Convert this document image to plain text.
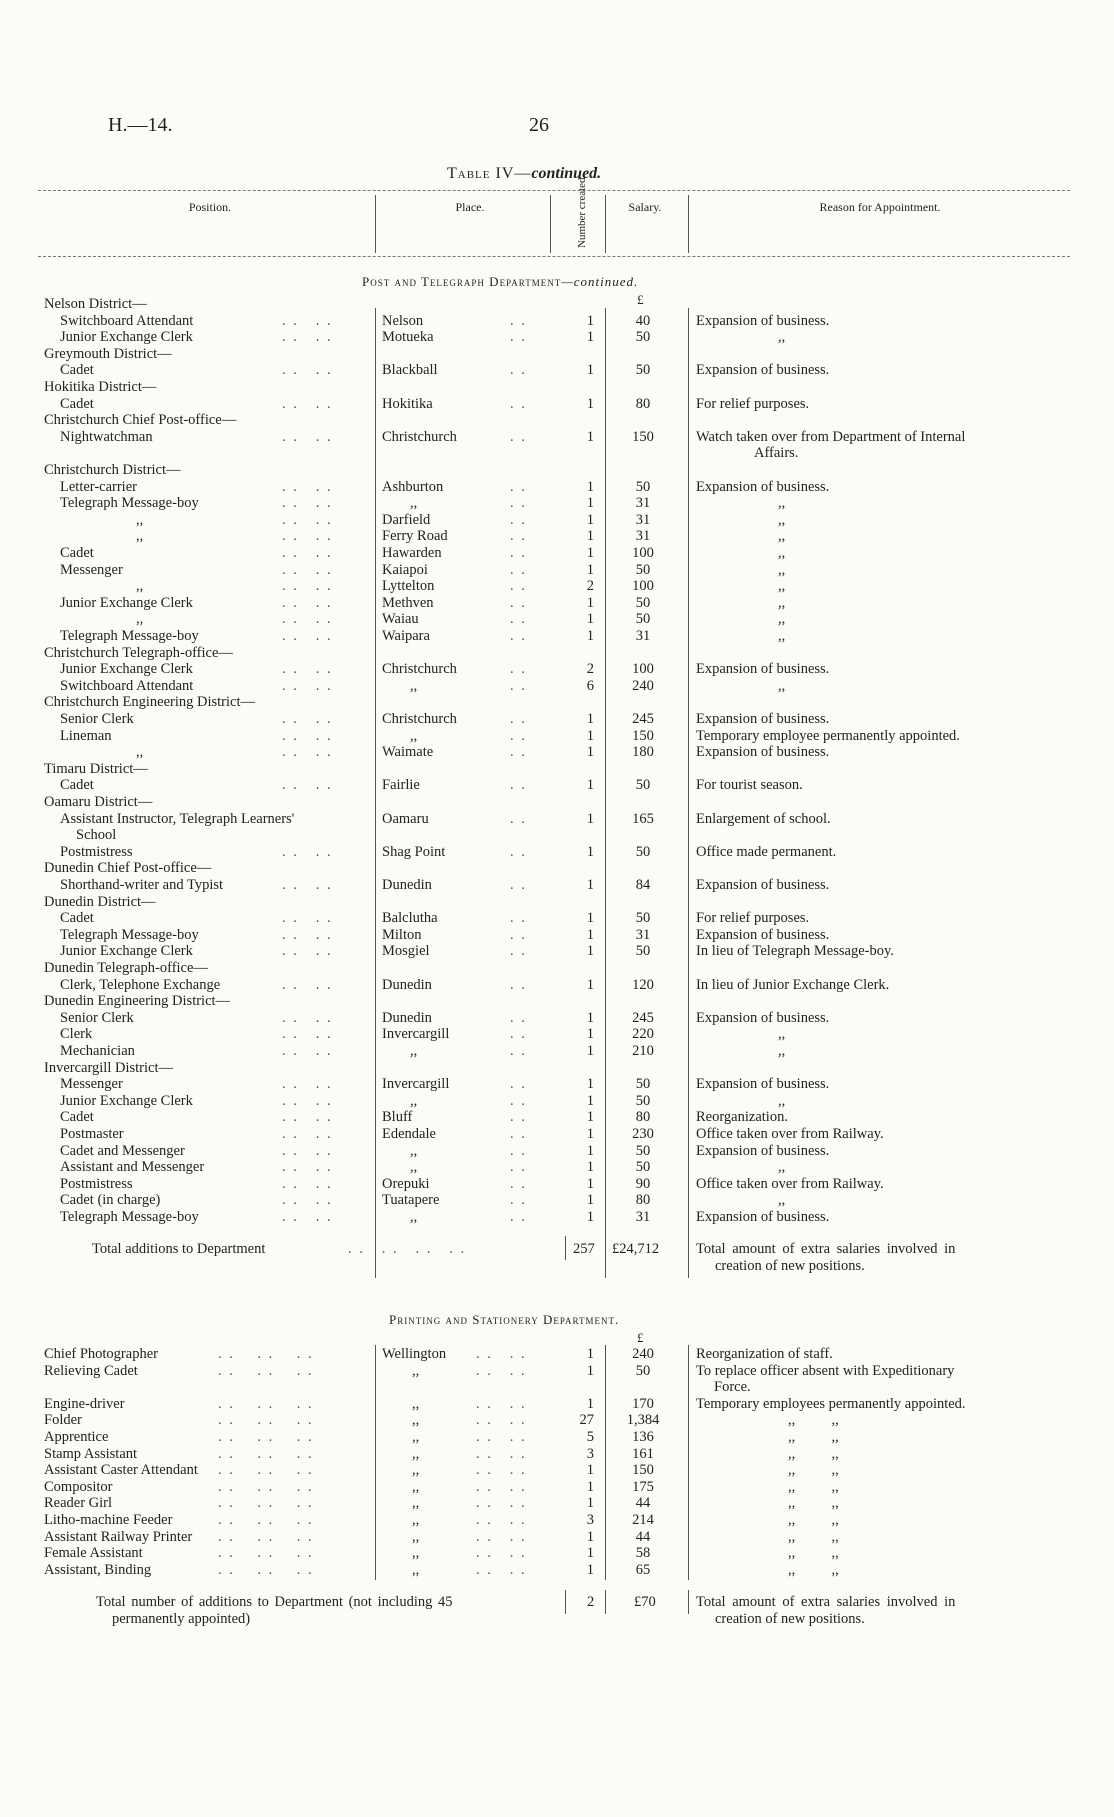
H.—14.	26
Table IV—continued.
Position.	Place.	Number created.	Salary.	Reason for Appointment.
Post and Telegraph Department—continued.
£
Nelson District—
Switchboard Attendant	. .   . .	Nelson	. .	1	40	Expansion of business.
Junior Exchange Clerk	. .   . .	Motueka	. .	1	50	,,
Greymouth District—
Cadet	. .   . .	Blackball	. .	1	50	Expansion of business.
Hokitika District—
Cadet	. .   . .	Hokitika	. .	1	80	For relief purposes.
Christchurch Chief Post-office—
Nightwatchman	. .   . .	Christchurch	. .	1	150	Watch taken over from Department of Internal
Affairs.
Christchurch District—
Letter-carrier	. .   . .	Ashburton	. .	1	50	Expansion of business.
Telegraph Message-boy	. .   . .	,,	. .	1	31	,,
,,	. .   . .	Darfield	. .	1	31	,,
,,	. .   . .	Ferry Road	. .	1	31	,,
Cadet	. .   . .	Hawarden	. .	1	100	,,
Messenger	. .   . .	Kaiapoi	. .	1	50	,,
,,	. .   . .	Lyttelton	. .	2	100	,,
Junior Exchange Clerk	. .   . .	Methven	. .	1	50	,,
,,	. .   . .	Waiau	. .	1	50	,,
Telegraph Message-boy	. .   . .	Waipara	. .	1	31	,,
Christchurch Telegraph-office—
Junior Exchange Clerk	. .   . .	Christchurch	. .	2	100	Expansion of business.
Switchboard Attendant	. .   . .	,,	. .	6	240	,,
Christchurch Engineering District—
Senior Clerk	. .   . .	Christchurch	. .	1	245	Expansion of business.
Lineman	. .   . .	,,	. .	1	150	Temporary employee permanently appointed.
,,	. .   . .	Waimate	. .	1	180	Expansion of business.
Timaru District—
Cadet	. .   . .	Fairlie	. .	1	50	For tourist season.
Oamaru District—
Assistant Instructor, Telegraph Learners'	Oamaru	. .	1	165	Enlargement of school.
School
Postmistress	. .   . .	Shag Point	. .	1	50	Office made permanent.
Dunedin Chief Post-office—
Shorthand-writer and Typist	. .   . .	Dunedin	. .	1	84	Expansion of business.
Dunedin District—
Cadet	. .   . .	Balclutha	. .	1	50	For relief purposes.
Telegraph Message-boy	. .   . .	Milton	. .	1	31	Expansion of business.
Junior Exchange Clerk	. .   . .	Mosgiel	. .	1	50	In lieu of Telegraph Message-boy.
Dunedin Telegraph-office—
Clerk, Telephone Exchange	. .   . .	Dunedin	. .	1	120	In lieu of Junior Exchange Clerk.
Dunedin Engineering District—
Senior Clerk	. .   . .	Dunedin	. .	1	245	Expansion of business.
Clerk	. .   . .	Invercargill	. .	1	220	,,
Mechanician	. .   . .	,,	. .	1	210	,,
Invercargill District—
Messenger	. .   . .	Invercargill	. .	1	50	Expansion of business.
Junior Exchange Clerk	. .   . .	,,	. .	1	50	,,
Cadet	. .   . .	Bluff	. .	1	80	Reorganization.
Postmaster	. .   . .	Edendale	. .	1	230	Office taken over from Railway.
Cadet and Messenger	. .   . .	,,	. .	1	50	Expansion of business.
Assistant and Messenger	. .   . .	,,	. .	1	50	,,
Postmistress	. .   . .	Orepuki	. .	1	90	Office taken over from Railway.
Cadet (in charge)	. .   . .	Tuatapere	. .	1	80	,,
Telegraph Message-boy	. .   . .	,,	. .	1	31	Expansion of business.
Total additions to Department	. .   . .   . .   . .	257 £24,712	Total amount of extra salaries involved in
creation of new positions.
Printing and Stationery Department.
£
Chief Photographer	. .    . .    . .	Wellington . .   . .	1	240	Reorganization of staff.
Relieving Cadet	. .    . .    . .	,,	. .   . .	1	50	To replace officer absent with Expeditionary
Force.
Engine-driver	. .    . .    . .	,,	. .   . .	1	170	Temporary employees permanently appointed.
Folder	. .    . .    . .	,,	. .   . .	27	1,384	,,          ,,
Apprentice	. .    . .    . .	,,	. .   . .	5	136	,,          ,,
Stamp Assistant	. .    . .    . .	,,	. .   . .	3	161	,,          ,,
Assistant Caster Attendant . .    . .    . .	,,	. .   . .	1	150	,,          ,,
Compositor	. .    . .    . .	,,	. .   . .	1	175	,,          ,,
Reader Girl	. .    . .    . .	,,	. .   . .	1	44	,,          ,,
Litho-machine Feeder	. .    . .    . .	,,	. .   . .	3	214	,,          ,,
Assistant Railway Printer . .    . .    . .	,,	. .   . .	1	44	,,          ,,
Female Assistant	. .    . .    . .	,,	. .   . .	1	58	,,          ,,
Assistant, Binding	. .    . .    . .	,,	. .   . .	1	65	,,          ,,
Total number of additions to Department (not including 45
permanently appointed)
2	£70	Total amount of extra salaries involved in
creation of new positions.
